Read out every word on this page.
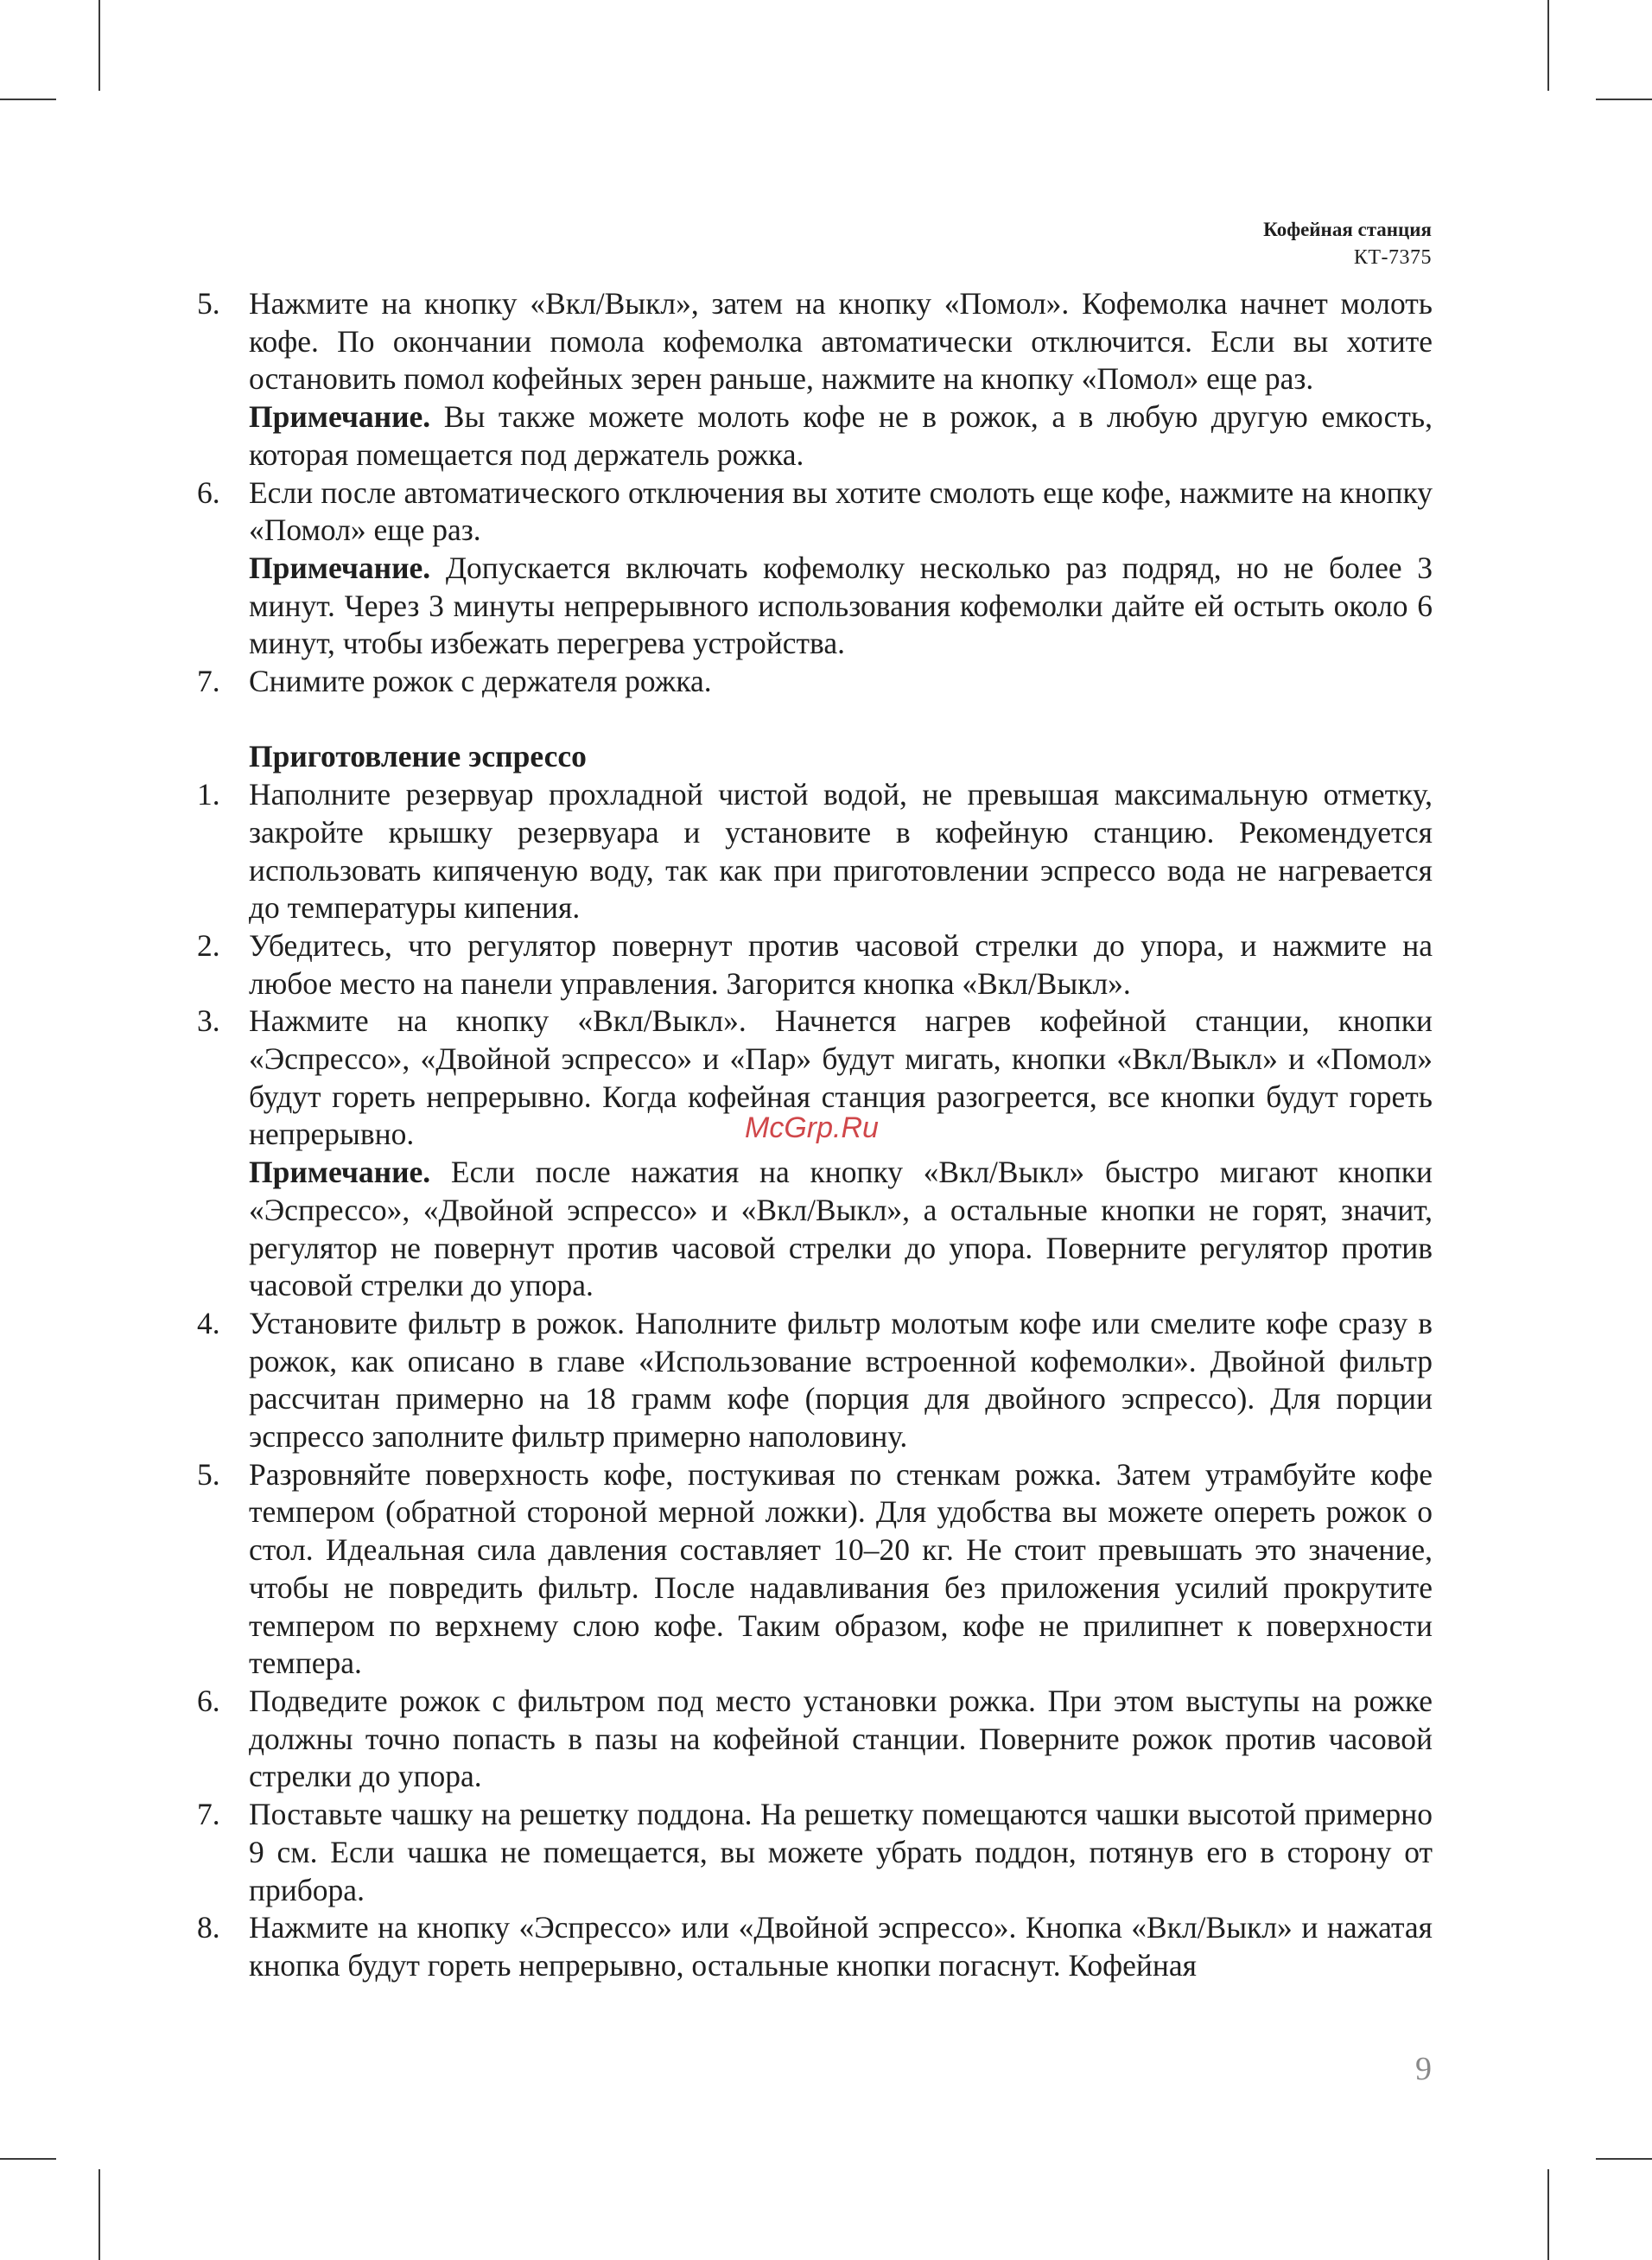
Кофейная станция
КТ-7375
5. Нажмите на кнопку «Вкл/Выкл», затем на кнопку «Помол». Кофемолка начнет молоть кофе. По окончании помола кофемолка автоматически отключится. Если вы хотите остановить помол кофейных зерен раньше, нажмите на кнопку «Помол» еще раз.
Примечание. Вы также можете молоть кофе не в рожок, а в любую другую емкость, которая помещается под держатель рожка.
6. Если после автоматического отключения вы хотите смолоть еще кофе, нажмите на кнопку «Помол» еще раз.
Примечание. Допускается включать кофемолку несколько раз подряд, но не более 3 минут. Через 3 минуты непрерывного использования кофемолки дайте ей остыть около 6 минут, чтобы избежать перегрева устройства.
7. Снимите рожок с держателя рожка.
Приготовление эспрессо
1. Наполните резервуар прохладной чистой водой, не превышая максимальную отметку, закройте крышку резервуара и установите в кофейную станцию. Рекомендуется использовать кипяченую воду, так как при приготовлении эспрессо вода не нагревается до температуры кипения.
2. Убедитесь, что регулятор повернут против часовой стрелки до упора, и нажмите на любое место на панели управления. Загорится кнопка «Вкл/Выкл».
3. Нажмите на кнопку «Вкл/Выкл». Начнется нагрев кофейной станции, кнопки «Эспрессо», «Двойной эспрессо» и «Пар» будут мигать, кнопки «Вкл/Выкл» и «Помол» будут гореть непрерывно. Когда кофейная станция разогреется, все кнопки будут гореть непрерывно.
Примечание. Если после нажатия на кнопку «Вкл/Выкл» быстро мигают кнопки «Эспрессо», «Двойной эспрессо» и «Вкл/Выкл», а остальные кнопки не горят, значит, регулятор не повернут против часовой стрелки до упора. Поверните регулятор против часовой стрелки до упора.
4. Установите фильтр в рожок. Наполните фильтр молотым кофе или смелите кофе сразу в рожок, как описано в главе «Использование встроенной кофемолки». Двойной фильтр рассчитан примерно на 18 грамм кофе (порция для двойного эспрессо). Для порции эспрессо заполните фильтр примерно наполовину.
5. Разровняйте поверхность кофе, постукивая по стенкам рожка. Затем утрамбуйте кофе темпером (обратной стороной мерной ложки). Для удобства вы можете опереть рожок о стол. Идеальная сила давления составляет 10–20 кг. Не стоит превышать это значение, чтобы не повредить фильтр. После надавливания без приложения усилий прокрутите темпером по верхнему слою кофе. Таким образом, кофе не прилипнет к поверхности темпера.
6. Подведите рожок с фильтром под место установки рожка. При этом выступы на рожке должны точно попасть в пазы на кофейной станции. Поверните рожок против часовой стрелки до упора.
7. Поставьте чашку на решетку поддона. На решетку помещаются чашки высотой примерно 9 см. Если чашка не помещается, вы можете убрать поддон, потянув его в сторону от прибора.
8. Нажмите на кнопку «Эспрессо» или «Двойной эспрессо». Кнопка «Вкл/Выкл» и нажатая кнопка будут гореть непрерывно, остальные кнопки погаснут. Кофейная
McGrp.Ru
9
